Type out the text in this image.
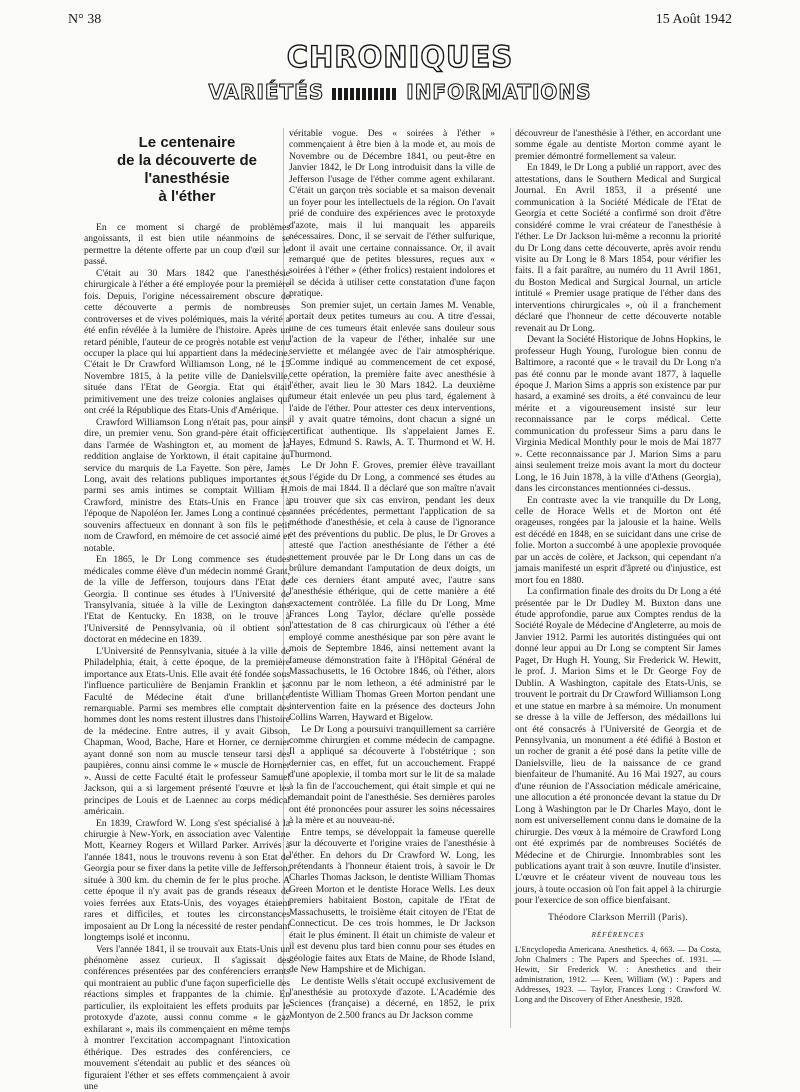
N° 38	15 Août 1942
CHRONIQUES
VARIÉTÉS	INFORMATIONS
Le centenaire
de la découverte de l'anesthésie
à l'éther

En ce moment si chargé de problèmes angoissants, il est bien utile néanmoins de se permettre la détente offerte par un coup d'œil sur le passé.

C'était au 30 Mars 1842 que l'anesthésie chirurgicale à l'éther a été employée pour la première fois. Depuis, l'origine nécessairement obscure de cette découverte a permis de nombreuses controverses et de vives polémiques, mais la vérité a été enfin révélée à la lumière de l'histoire. Après un retard pénible, l'auteur de ce progrès notable est venu occuper la place qui lui appartient dans la médecine. C'était le Dr Crawford Williamson Long, né le 15 Novembre 1815, à la petite ville de Danielsville, située dans l'Etat de Georgia. Etat qui était primitivement une des treize colonies anglaises qui ont créé la République des Etats-Unis d'Amérique.

Crawford Williamson Long n'était pas, pour ainsi dire, un premier venu. Son grand-père était officier dans l'armée de Washington et, au moment de la reddition anglaise de Yorktown, il était capitaine au service du marquis de La Fayette. Son père, James Long, avait des relations publiques importantes et, parmi ses amis intimes se comptait William H. Crawford, ministre des Etats-Unis en France à l'époque de Napoléon Ier. James Long a continué ces souvenirs affectueux en donnant à son fils le petit nom de Crawford, en mémoire de cet associé aimé et notable.

En 1865, le Dr Long commence ses études médicales comme élève d'un médecin nommé Grant, de la ville de Jefferson, toujours dans l'Etat de Georgia. Il continue ses études à l'Université de Transylvania, située à la ville de Lexington dans l'Etat de Kentucky. En 1838, on le trouve à l'Université de Pennsylvania, où il obtient son doctorat en médecine en 1839.

L'Université de Pennsylvania, située à la ville de Philadelphia, était, à cette époque, de la première importance aux Etats-Unis. Elle avait été fondée sous l'influence particulière de Benjamin Franklin et sa Faculté de Médecine était d'une brillance remarquable. Parmi ses membres elle comptait des hommes dont les noms restent illustres dans l'histoire de la médecine. Entre autres, il y avait Gibson, Chapman, Wood, Bache, Hare et Horner, ce dernier ayant donné son nom au muscle tenseur tarsi des paupières, connu ainsi comme le « muscle de Horner ». Aussi de cette Faculté était le professeur Samuel Jackson, qui a si largement présenté l'œuvre et les principes de Louis et de Laennec au corps médical américain.

En 1839, Crawford W. Long s'est spécialisé à la chirurgie à New-York, en association avec Valentine Mott, Kearney Rogers et Willard Parker. Arrivés à l'année 1841, nous le trouvons revenu à son Etat de Georgia pour se fixer dans la petite ville de Jefferson, située à 300 km. du chemin de fer le plus proche. A cette époque il n'y avait pas de grands réseaux de voies ferrées aux Etats-Unis, des voyages étaient rares et difficiles, et toutes les circonstances imposaient au Dr Long la nécessité de rester pendant longtemps isolé et inconnu.

Vers l'année 1841, il se trouvait aux Etats-Unis un phénomène assez curieux. Il s'agissait des conférences présentées par des conférenciers errants qui montraient au public d'une façon superficielle des réactions simples et frappantes de la chimie. En particulier, ils exploitaient les effets produits par le protoxyde d'azote, aussi connu comme « le gaz exhilarant », mais ils commençaient en même temps à montrer l'excitation accompagnant l'intoxication éthérique. Des estrades des conférenciers, ce mouvement s'étendait au public et des séances où figuraient l'éther et ses effets commençaient à avoir une

véritable vogue. Des « soirées à l'éther » commençaient à être bien à la mode et, au mois de Novembre ou de Décembre 1841, ou peut-être en Janvier 1842, le Dr Long introduisit dans la ville de Jefferson l'usage de l'éther comme agent exhilarant. C'était un garçon très sociable et sa maison devenait un foyer pour les intellectuels de la région. On l'avait prié de conduire des expériences avec le protoxyde d'azote, mais il lui manquait les appareils nécessaires. Donc, il se servait de l'éther sulfurique, dont il avait une certaine connaissance. Or, il avait remarqué que de petites blessures, reçues aux « soirées à l'éther » (éther frolics) restaient indolores et il se décida à utiliser cette constatation d'une façon pratique.

Son premier sujet, un certain James M. Venable, portait deux petites tumeurs au cou. A titre d'essai, une de ces tumeurs était enlevée sans douleur sous l'action de la vapeur de l'éther, inhalée sur une serviette et mélangée avec de l'air atmosphérique. Comme indiqué au commencement de cet exposé, cette opération, la première faite avec anesthésie à l'éther, avait lieu le 30 Mars 1842. La deuxième tumeur était enlevée un peu plus tard, également à l'aide de l'éther. Pour attester ces deux interventions, il y avait quatre témoins, dont chacun a signé un certificat authentique. Ils s'appelaient James E. Hayes, Edmund S. Rawls, A. T. Thurmond et W. H. Thurmond.

Le Dr John F. Groves, premier élève travaillant sous l'égide du Dr Long, a commencé ses études au mois de mai 1844. Il a déclaré que son maître n'avait pu trouver que six cas environ, pendant les deux années précédentes, permettant l'application de sa méthode d'anesthésie, et cela à cause de l'ignorance et des préventions du public. De plus, le Dr Groves a attesté que l'action anesthésiante de l'éther a été nettement prouvée par le Dr Long dans un cas de brûlure demandant l'amputation de deux doigts, un de ces derniers étant amputé avec, l'autre sans l'anesthésie éthérique, qui de cette manière a été exactement contrôlée. La fille du Dr Long, Mme Frances Long Taylor, déclare qu'elle possède l'attestation de 8 cas chirurgicaux où l'éther a été employé comme anesthésique par son père avant le mois de Septembre 1846, ainsi nettement avant la fameuse démonstration faite à l'Hôpital Général de Massachusetts, le 16 Octobre 1846, où l'éther, alors connu par le nom letheon, a été administré par le dentiste William Thomas Green Morton pendant une intervention faite en la présence des docteurs John Collins Warren, Hayward et Bigelow.

Le Dr Long a poursuivi tranquillement sa carrière comme chirurgien et comme médecin de campagne. Il a appliqué sa découverte à l'obstétrique ; son dernier cas, en effet, fut un accouchement. Frappé d'une apoplexie, il tomba mort sur le lit de sa malade à la fin de l'accouchement, qui était simple et qui ne demandait point de l'anesthésie. Ses dernières paroles ont été prononcées pour assurer les soins nécessaires à la mère et au nouveau-né.

Entre temps, se développait la fameuse querelle sur la découverte et l'origine vraies de l'anesthésie à l'éther. En dehors du Dr Crawford W. Long, les prétendants à l'honneur étaient trois, à savoir le Dr Charles Thomas Jackson, le dentiste William Thomas Green Morton et le dentiste Horace Wells. Les deux premiers habitaient Boston, capitale de l'Etat de Massachusetts, le troisième était citoyen de l'Etat de Connecticut. De ces trois hommes, le Dr Jackson était le plus éminent. Il était un chimiste de valeur et il est devenu plus tard bien connu pour ses études en géologie faites aux Etats de Maine, de Rhode Island, de New Hampshire et de Michigan.

Le dentiste Wells s'était occupé exclusivement de l'anesthésie au protoxyde d'azote. L'Académie des Sciences (française) a décerné, en 1852, le prix Montyon de 2.500 francs au Dr Jackson comme

découvreur de l'anesthésie à l'éther, en accordant une somme égale au dentiste Morton comme ayant le premier démontré formellement sa valeur.

En 1849, le Dr Long a publié un rapport, avec des attestations, dans le Southern Medical and Surgical Journal. En Avril 1853, il a présenté une communication à la Société Médicale de l'Etat de Georgia et cette Société a confirmé son droit d'être considéré comme le vrai créateur de l'anesthésie à l'éther. Le Dr Jackson lui-même a reconnu la priorité du Dr Long dans cette découverte, après avoir rendu visite au Dr Long le 8 Mars 1854, pour vérifier les faits. Il a fait paraître, au numéro du 11 Avril 1861, du Boston Medical and Surgical Journal, un article intitulé « Premier usage pratique de l'éther dans des interventions chirurgicales », où il a franchement déclaré que l'honneur de cette découverte notable revenait au Dr Long.

Devant la Société Historique de Johns Hopkins, le professeur Hugh Young, l'urologue bien connu de Baltimore, a raconté que « le travail du Dr Long n'a pas été connu par le monde avant 1877, à laquelle époque J. Marion Sims a appris son existence par pur hasard, a examiné ses droits, a été convaincu de leur mérite et a vigoureusement insisté sur leur reconnaissance par le corps médical. Cette communication du professeur Sims a paru dans le Virginia Medical Monthly pour le mois de Mai 1877 ». Cette reconnaissance par J. Marion Sims a paru ainsi seulement treize mois avant la mort du docteur Long, le 16 Juin 1878, à la ville d'Athens (Georgia), dans les circonstances mentionnées ci-dessus.

En contraste avec la vie tranquille du Dr Long, celle de Horace Wells et de Morton ont été orageuses, rongées par la jalousie et la haine. Wells est décédé en 1848, en se suicidant dans une crise de folie. Morton a succombé à une apoplexie provoquée par un accès de colère, et Jackson, qui cependant n'a jamais manifesté un esprit d'âpreté ou d'injustice, est mort fou en 1880.

La confirmation finale des droits du Dr Long a été présentée par le Dr Dudley M. Buxton dans une étude approfondie, parue aux Comptes rendus de la Société Royale de Médecine d'Angleterre, au mois de Janvier 1912. Parmi les autorités distinguées qui ont donné leur appui au Dr Long se comptent Sir James Paget, Dr Hugh H. Young, Sir Frederick W. Hewitt, le prof. J. Marion Sims et le Dr George Foy de Dublin. A Washington, capitale des Etats-Unis, se trouvent le portrait du Dr Crawford Williamson Long et une statue en marbre à sa mémoire. Un monument se dresse à la ville de Jefferson, des médaillons lui ont été consacrés à l'Université de Georgia et de Pennsylvania, un monument a été édifié à Boston et un rocher de granit a été posé dans la petite ville de Danielsville, lieu de la naissance de ce grand bienfaiteur de l'humanité. Au 16 Mai 1927, au cours d'une réunion de l'Association médicale américaine, une allocution a été prononcée devant la statue du Dr Long à Washington par le Dr Charles Mayo, dont le nom est universellement connu dans le domaine de la chirurgie. Des vœux à la mémoire de Crawford Long ont été exprimés par de nombreuses Sociétés de Médecine et de Chirurgie. Innombrables sont les publications ayant trait à son œuvre. Inutile d'insister. L'œuvre et le créateur vivent de nouveau tous les jours, à toute occasion où l'on fait appel à la chirurgie pour l'exercice de son office bienfaisant.

Théodore Clarkson Merrill (Paris).

RÉFÉRENCES

L'Encyclopedia Americana. Anesthetics. 4, 663. — Da Costa, John Chalmers : The Papers and Speeches of. 1931. — Hewitt, Sir Frederick W. : Anesthetics and their administration, 1912. — Keen, William (W.) : Papers and Addresses, 1923. — Taylor, Frances Long : Crawford W. Long and the Discovery of Ether Anesthesie, 1928.
